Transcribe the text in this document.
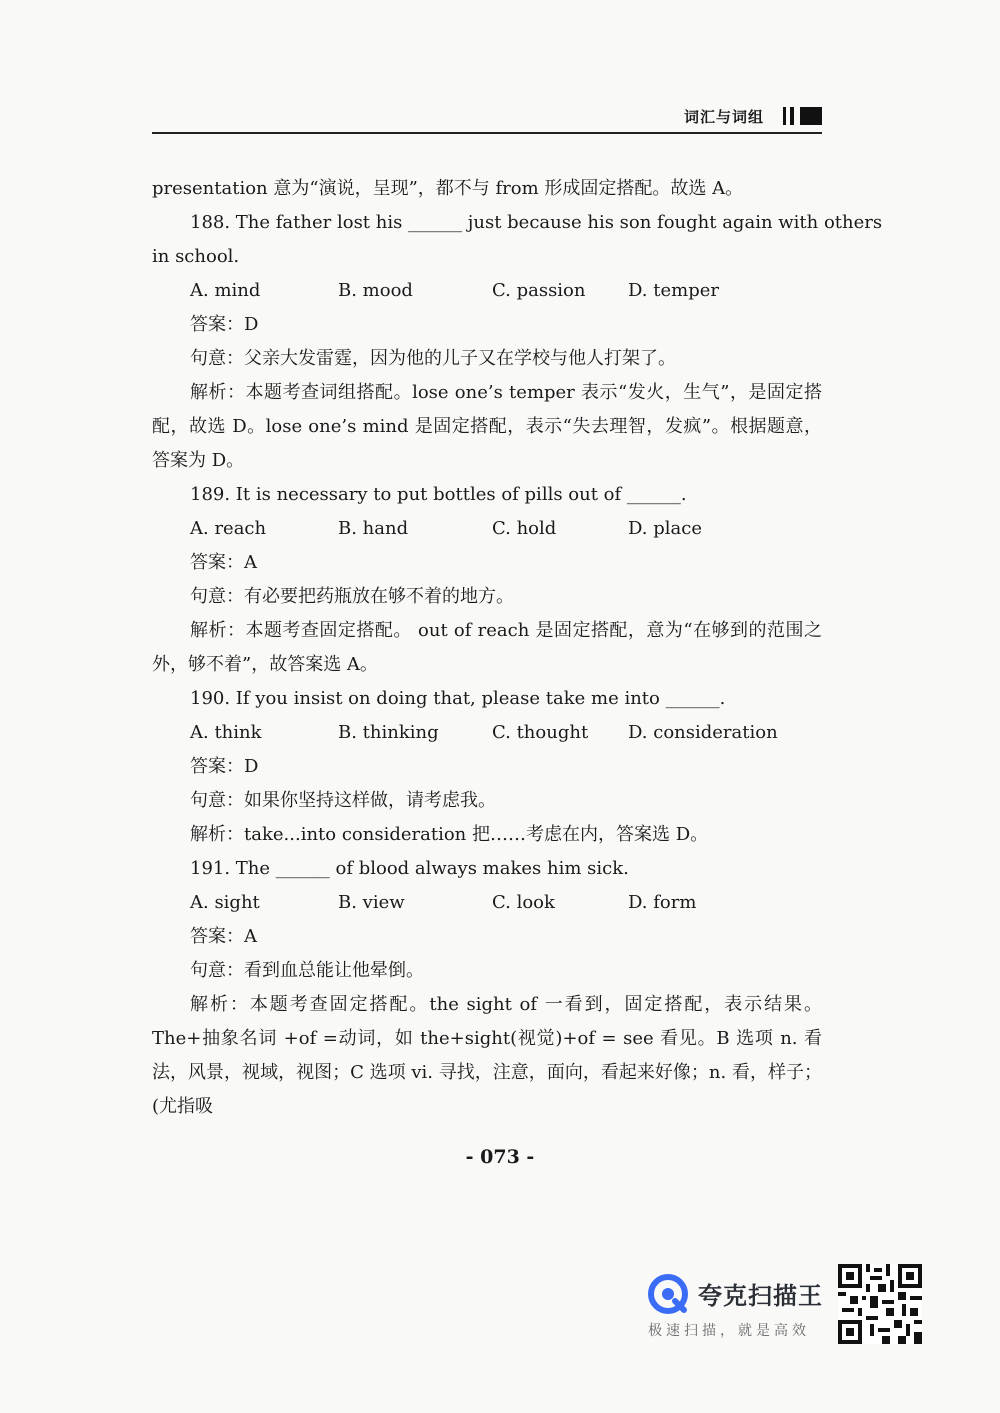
词汇与词组
presentation 意为“演说，呈现”，都不与 from 形成固定搭配。故选 A。
188. The father lost his ______ just because his son fought again with others
in school.
A. mind	B. mood	C. passion	D. temper
答案：D
句意：父亲大发雷霆，因为他的儿子又在学校与他人打架了。
解析：本题考查词组搭配。lose one’s temper 表示“发火，生气”，是固定搭配，故选 D。lose one’s mind 是固定搭配，表示“失去理智，发疯”。根据题意，答案为 D。
189. It is necessary to put bottles of pills out of ______.
A. reach	B. hand	C. hold	D. place
答案：A
句意：有必要把药瓶放在够不着的地方。
解析：本题考查固定搭配。 out of reach 是固定搭配，意为“在够到的范围之外，够不着”，故答案选 A。
190. If you insist on doing that, please take me into ______.
A. think	B. thinking	C. thought	D. consideration
答案：D
句意：如果你坚持这样做，请考虑我。
解析：take...into consideration 把……考虑在内，答案选 D。
191. The ______ of blood always makes him sick.
A. sight	B. view	C. look	D. form
答案：A
句意：看到血总能让他晕倒。
解析：本题考查固定搭配。the sight of 一看到，固定搭配，表示结果。The+抽象名词 +of =动词，如 the+sight(视觉)+of = see 看见。B 选项 n. 看法，风景，视域，视图；C 选项 vi. 寻找，注意，面向，看起来好像；n. 看，样子；(尤指吸
- 073 -
夸克扫描王
极速扫描，就是高效
